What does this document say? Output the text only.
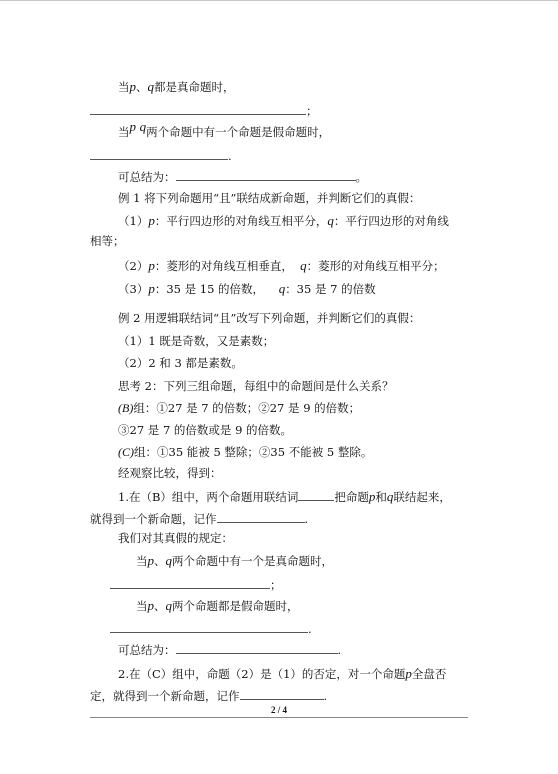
当p、q都是真命题时，
；
当p q两个命题中有一个命题是假命题时，
.
可总结为：	。
例 1 将下列命题用“且”联结成新命题，并判断它们的真假：
（1）p：平行四边形的对角线互相平分，q：平行四边形的对角线
相等；
（2）p：菱形的对角线互相垂直， q：菱形的对角线互相平分；
（3）p：35 是 15 的倍数， q：35 是 7 的倍数
例 2 用逻辑联结词“且”改写下列命题，并判断它们的真假：
（1）1 既是奇数，又是素数；
（2）2 和 3 都是素数。
思考 2：下列三组命题，每组中的命题间是什么关系？
(B)组：①27 是 7 的倍数；②27 是 9 的倍数；
③27 是 7 的倍数或是 9 的倍数。
(C)组：①35 能被 5 整除；②35 不能被 5 整除。
经观察比较，得到：
1.在（B）组中，两个命题用联结词	把命题p和q联结起来，
就得到一个新命题，记作	.
我们对其真假的规定：
当p、q两个命题中有一个是真命题时，
；
当p、q两个命题都是假命题时，
.
可总结为：	.
2.在（C）组中，命题（2）是（1）的否定，对一个命题p全盘否
定，就得到一个新命题，记作	.
2 / 4
